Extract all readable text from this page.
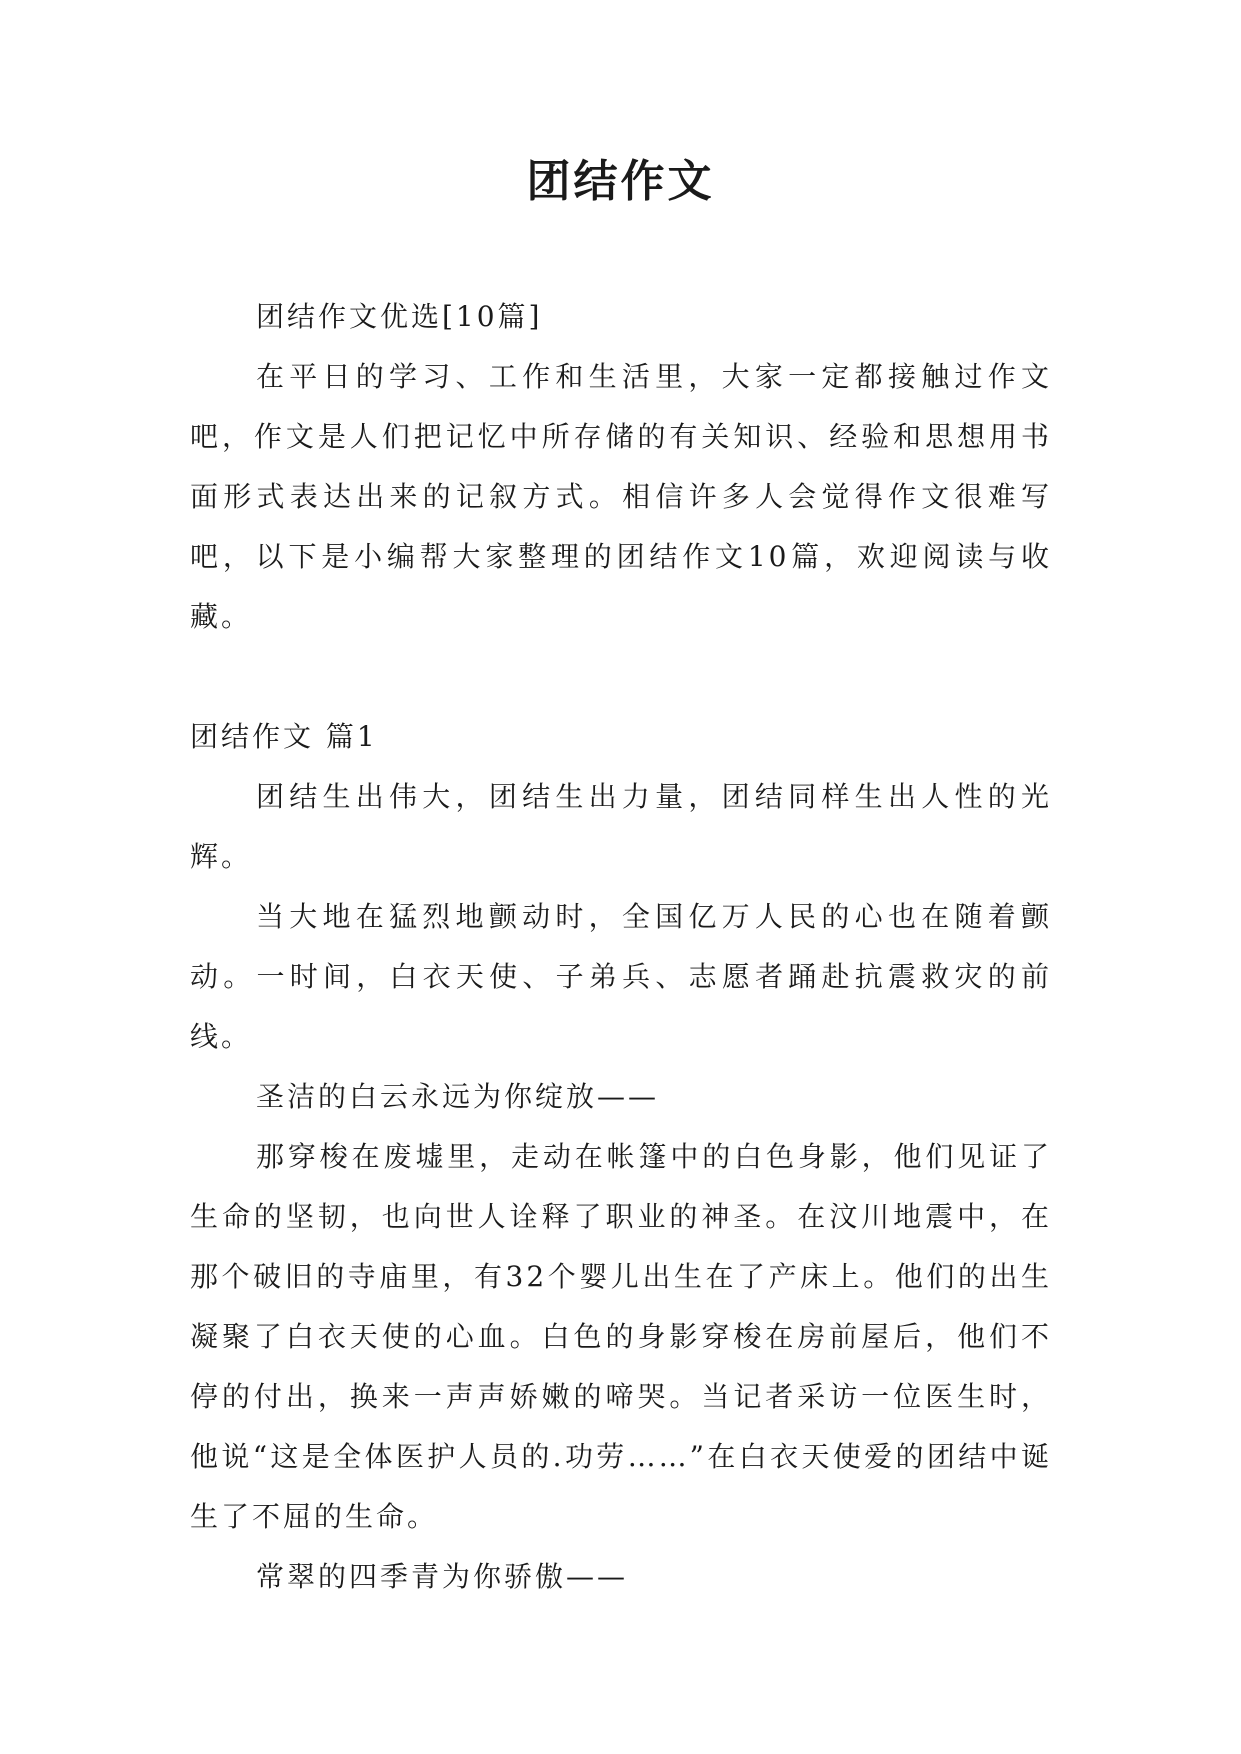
团结作文

团结作文优选[10篇]

在平日的学习、工作和生活里，大家一定都接触过作文吧，作文是人们把记忆中所存储的有关知识、经验和思想用书面形式表达出来的记叙方式。相信许多人会觉得作文很难写吧，以下是小编帮大家整理的团结作文10篇，欢迎阅读与收藏。

团结作文 篇1

团结生出伟大，团结生出力量，团结同样生出人性的光辉。

当大地在猛烈地颤动时，全国亿万人民的心也在随着颤动。一时间，白衣天使、子弟兵、志愿者踊赴抗震救灾的前线。

圣洁的白云永远为你绽放——

那穿梭在废墟里，走动在帐篷中的白色身影，他们见证了生命的坚韧，也向世人诠释了职业的神圣。在汶川地震中，在那个破旧的寺庙里，有32个婴儿出生在了产床上。他们的出生凝聚了白衣天使的心血。白色的身影穿梭在房前屋后，他们不停的付出，换来一声声娇嫩的啼哭。当记者采访一位医生时，他说“这是全体医护人员的.功劳……”在白衣天使爱的团结中诞生了不屈的生命。

常翠的四季青为你骄傲——
